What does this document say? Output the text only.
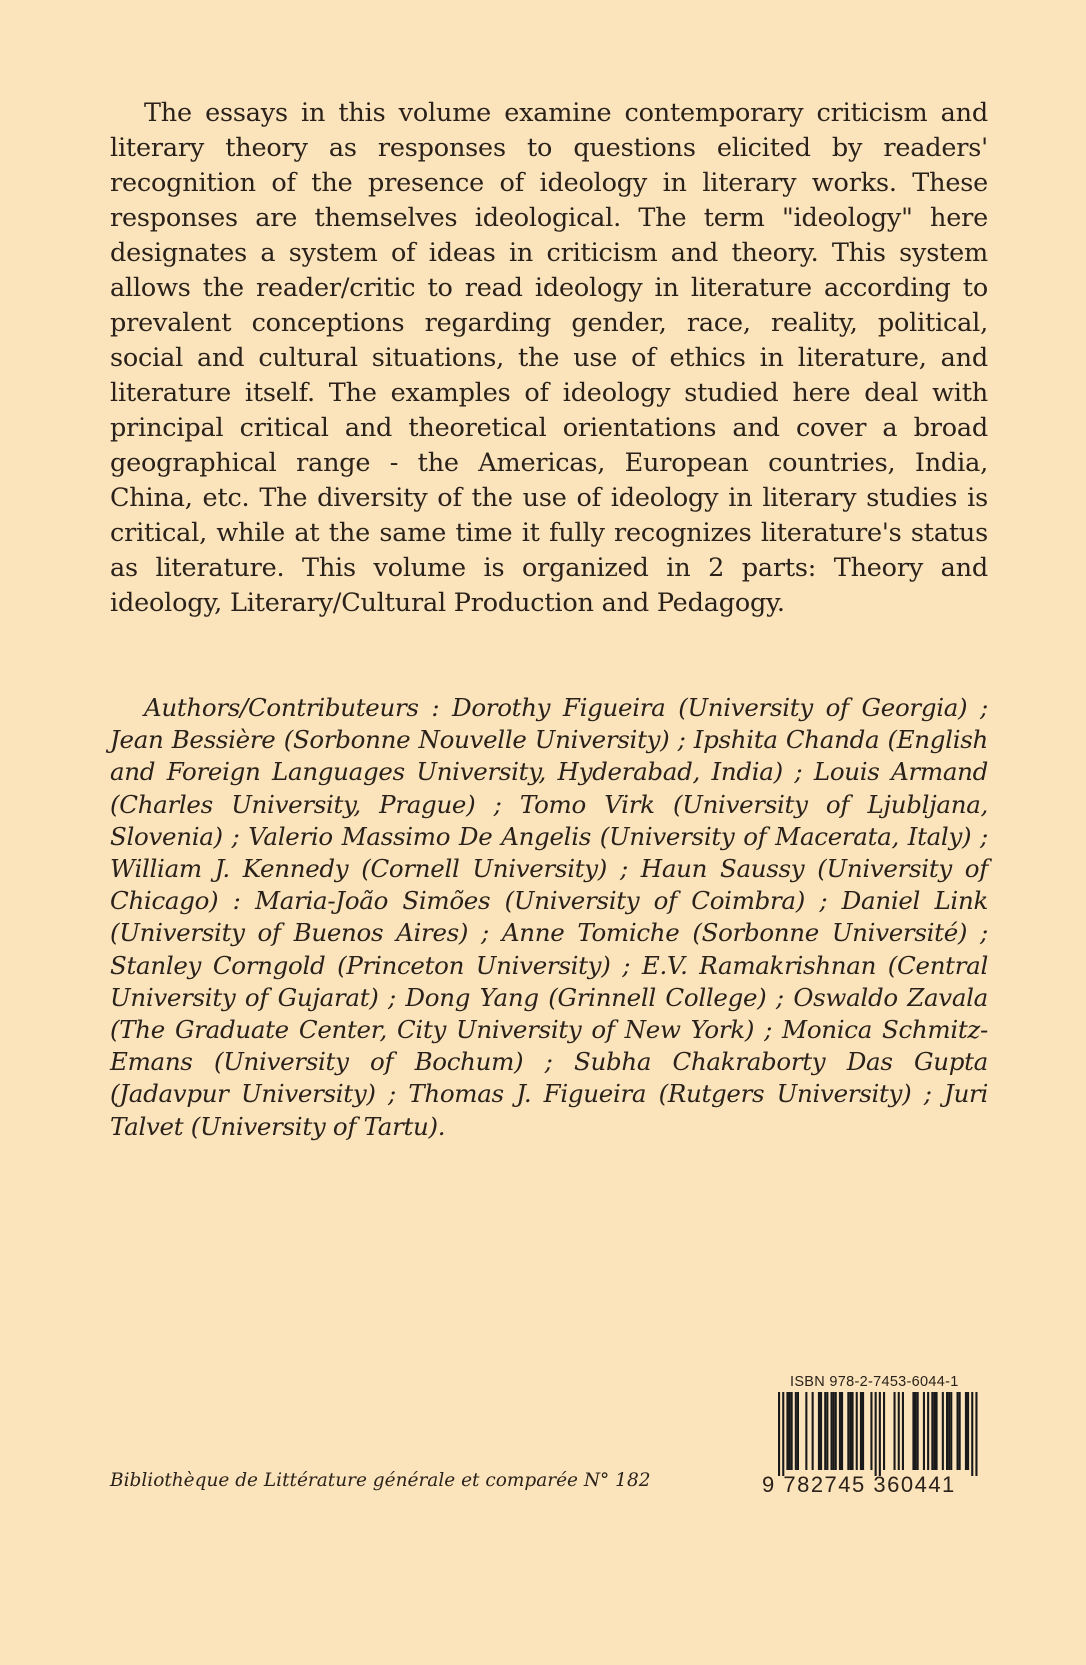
The essays in this volume examine contemporary criticism and literary theory as responses to questions elicited by readers' recognition of the presence of ideology in literary works. These responses are themselves ideological. The term "ideology" here designates a system of ideas in criticism and theory. This system allows the reader/critic to read ideology in literature according to prevalent conceptions regarding gender, race, reality, political, social and cultural situations, the use of ethics in literature, and literature itself. The examples of ideology studied here deal with principal critical and theoretical orientations and cover a broad geographical range - the Americas, European countries, India, China, etc. The diversity of the use of ideology in literary studies is critical, while at the same time it fully recognizes literature's status as literature. This volume is organized in 2 parts: Theory and ideology, Literary/Cultural Production and Pedagogy.

Authors/Contributeurs : Dorothy Figueira (University of Georgia) ; Jean Bessière (Sorbonne Nouvelle University) ; Ipshita Chanda (English and Foreign Languages University, Hyderabad, India) ; Louis Armand (Charles University, Prague) ; Tomo Virk (University of Ljubljana, Slovenia) ; Valerio Massimo De Angelis (University of Macerata, Italy) ; William J. Kennedy (Cornell University) ; Haun Saussy (University of Chicago) : Maria-João Simões (University of Coimbra) ; Daniel Link (University of Buenos Aires) ; Anne Tomiche (Sorbonne Université) ; Stanley Corngold (Princeton University) ; E.V. Ramakrishnan (Central University of Gujarat) ; Dong Yang (Grinnell College) ; Oswaldo Zavala (The Graduate Center, City University of New York) ; Monica Schmitz-Emans (University of Bochum) ; Subha Chakraborty Das Gupta (Jadavpur University) ; Thomas J. Figueira (Rutgers University) ; Juri Talvet (University of Tartu).

Bibliothèque de Littérature générale et comparée N° 182

ISBN 978-2-7453-6044-1
9 782745 360441
